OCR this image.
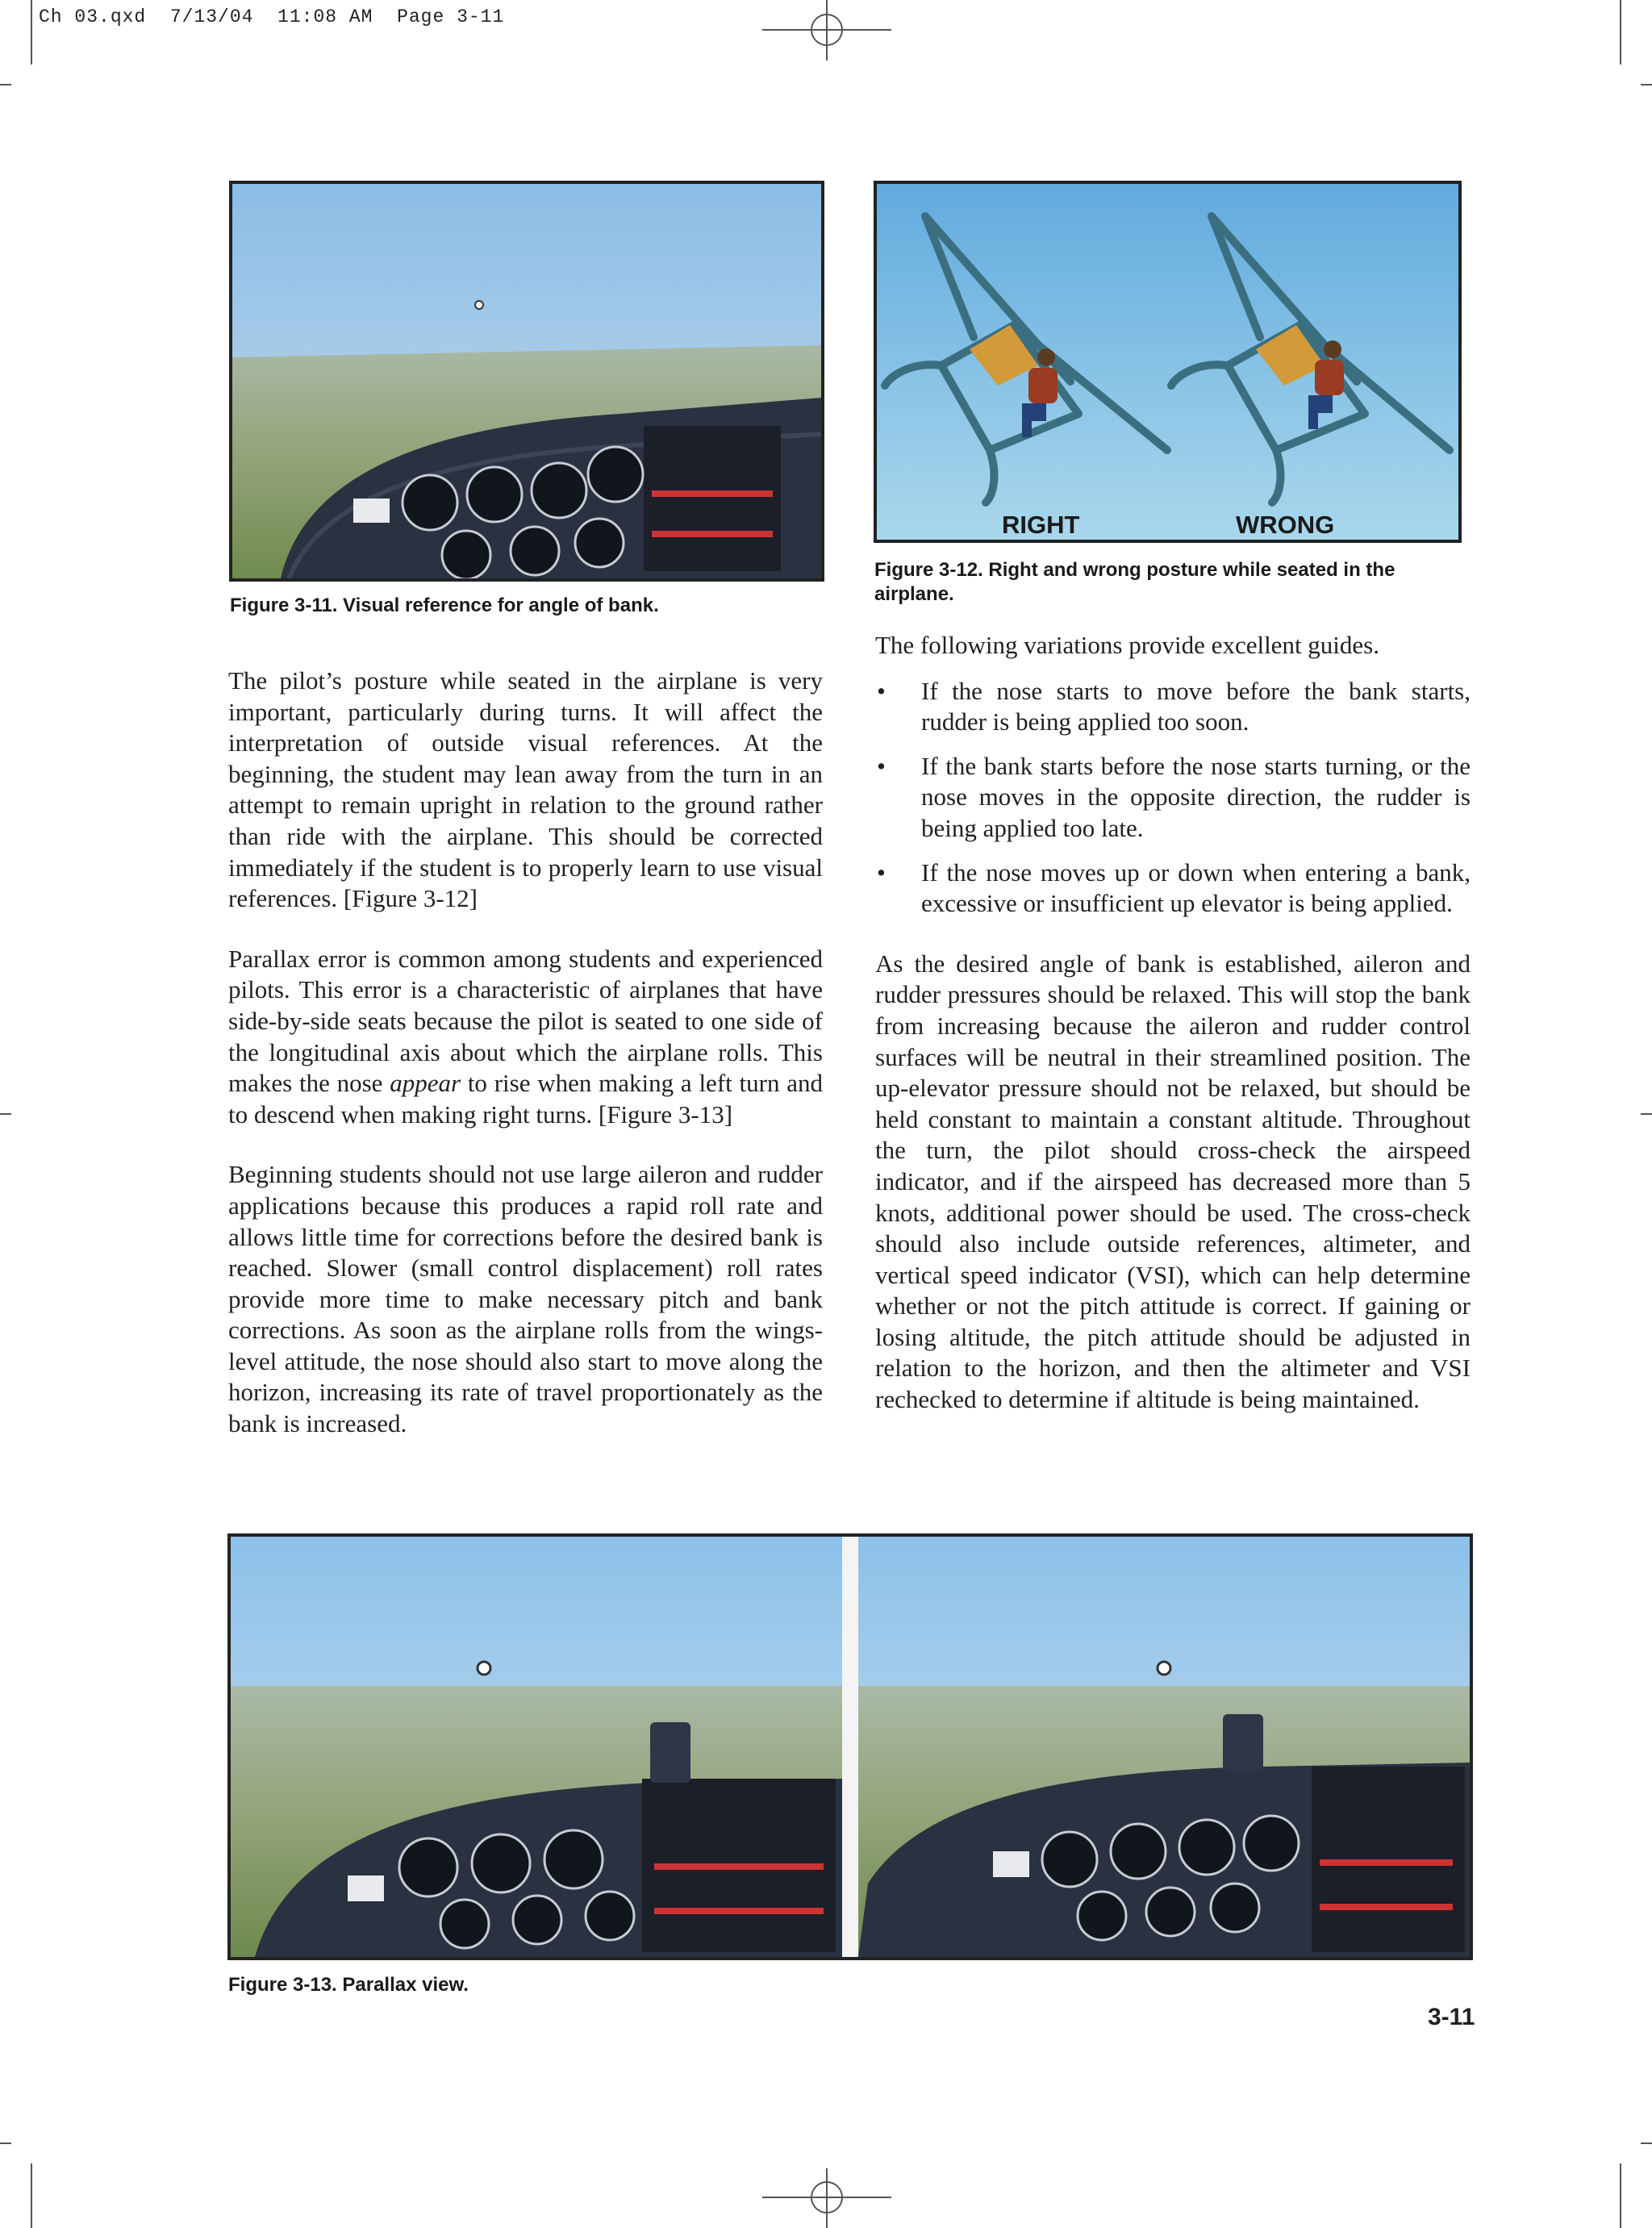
Ch 03.qxd  7/13/04  11:08 AM  Page 3-11
Figure 3-11. Visual reference for angle of bank.
RIGHT	WRONG
Figure 3-12. Right and wrong posture while seated in the airplane.

The pilot’s posture while seated in the airplane is very important, particularly during turns. It will affect the interpretation of outside visual references. At the beginning, the student may lean away from the turn in an attempt to remain upright in relation to the ground rather than ride with the airplane. This should be corrected immediately if the student is to properly learn to use visual references. [Figure 3-12]

Parallax error is common among students and experienced pilots. This error is a characteristic of airplanes that have side-by-side seats because the pilot is seated to one side of the longitudinal axis about which the airplane rolls. This makes the nose appear to rise when making a left turn and to descend when making right turns. [Figure 3-13]

Beginning students should not use large aileron and rudder applications because this produces a rapid roll rate and allows little time for corrections before the desired bank is reached. Slower (small control displacement) roll rates provide more time to make necessary pitch and bank corrections. As soon as the airplane rolls from the wings-level attitude, the nose should also start to move along the horizon, increasing its rate of travel proportionately as the bank is increased.

The following variations provide excellent guides.

• If the nose starts to move before the bank starts, rudder is being applied too soon.
• If the bank starts before the nose starts turning, or the nose moves in the opposite direction, the rudder is being applied too late.
• If the nose moves up or down when entering a bank, excessive or insufficient up elevator is being applied.

As the desired angle of bank is established, aileron and rudder pressures should be relaxed. This will stop the bank from increasing because the aileron and rudder control surfaces will be neutral in their streamlined position. The up-elevator pressure should not be relaxed, but should be held constant to maintain a constant altitude. Throughout the turn, the pilot should cross-check the airspeed indicator, and if the airspeed has decreased more than 5 knots, additional power should be used. The cross-check should also include outside references, altimeter, and vertical speed indicator (VSI), which can help determine whether or not the pitch attitude is correct. If gaining or losing altitude, the pitch attitude should be adjusted in relation to the horizon, and then the altimeter and VSI rechecked to determine if altitude is being maintained.

Figure 3-13. Parallax view.
3-11
